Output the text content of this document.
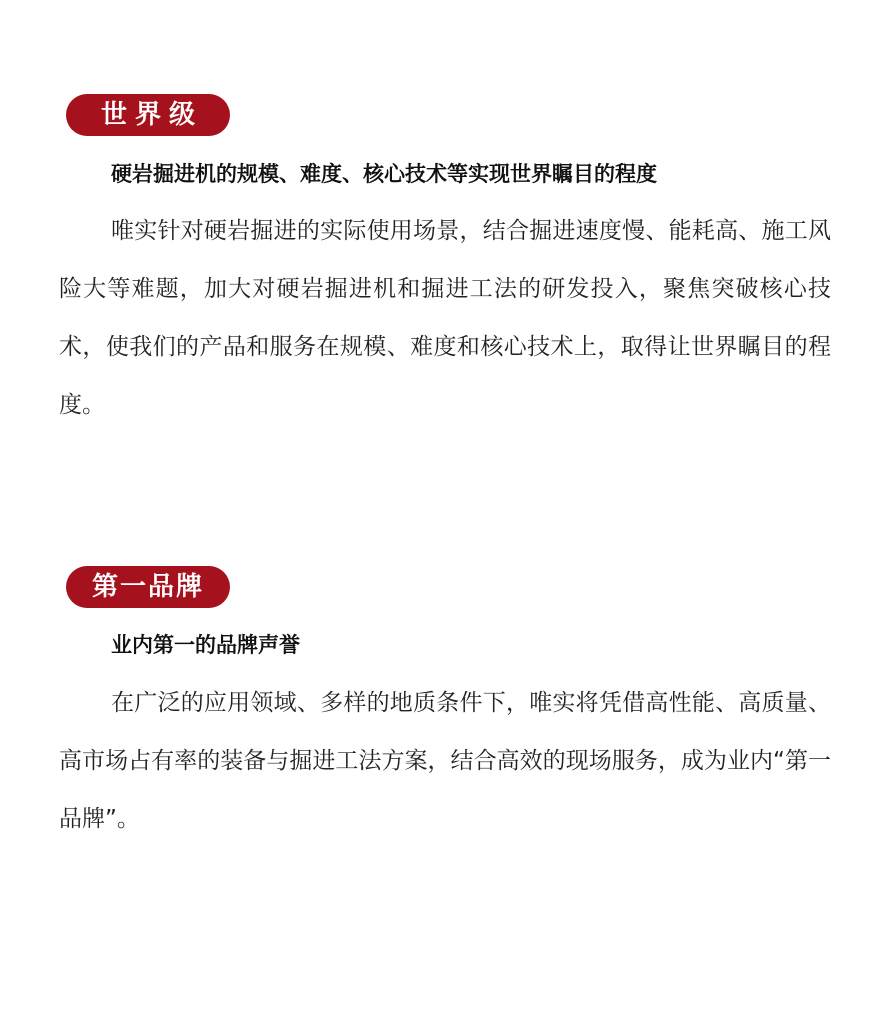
世界级
硬岩掘进机的规模、难度、核心技术等实现世界瞩目的程度

唯实针对硬岩掘进的实际使用场景，结合掘进速度慢、能耗高、施工风险大等难题，加大对硬岩掘进机和掘进工法的研发投入，聚焦突破核心技术，使我们的产品和服务在规模、难度和核心技术上，取得让世界瞩目的程度。

第一品牌
业内第一的品牌声誉

在广泛的应用领域、多样的地质条件下，唯实将凭借高性能、高质量、高市场占有率的装备与掘进工法方案，结合高效的现场服务，成为业内“第一品牌”。
